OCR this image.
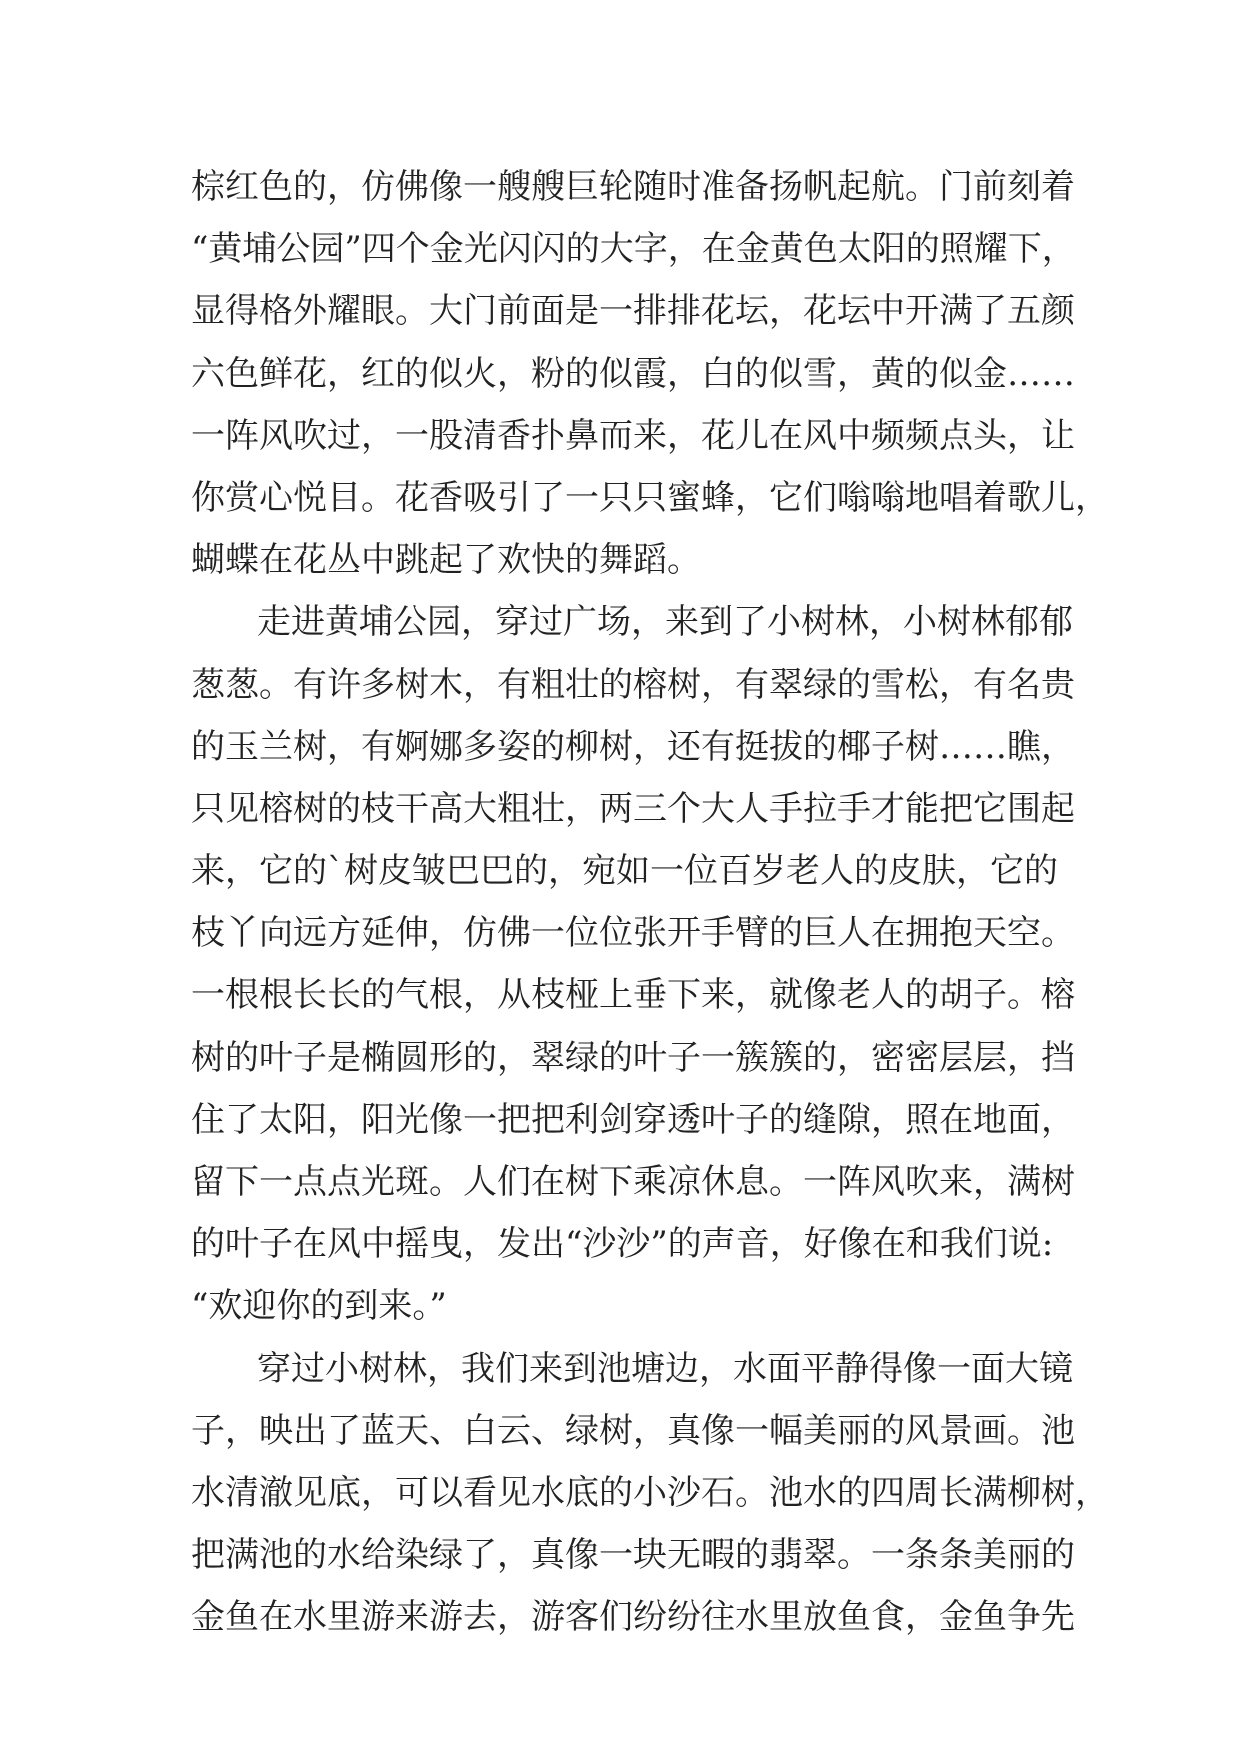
棕红色的，仿佛像一艘艘巨轮随时准备扬帆起航。门前刻着
“黄埔公园”四个金光闪闪的大字，在金黄色太阳的照耀下，
显得格外耀眼。大门前面是一排排花坛，花坛中开满了五颜
六色鲜花，红的似火，粉的似霞，白的似雪，黄的似金……
一阵风吹过，一股清香扑鼻而来，花儿在风中频频点头，让
你赏心悦目。花香吸引了一只只蜜蜂，它们嗡嗡地唱着歌儿，
蝴蝶在花丛中跳起了欢快的舞蹈。
走进黄埔公园，穿过广场，来到了小树林，小树林郁郁
葱葱。有许多树木，有粗壮的榕树，有翠绿的雪松，有名贵
的玉兰树，有婀娜多姿的柳树，还有挺拔的椰子树……瞧，
只见榕树的枝干高大粗壮，两三个大人手拉手才能把它围起
来，它的`树皮皱巴巴的，宛如一位百岁老人的皮肤，它的
枝丫向远方延伸，仿佛一位位张开手臂的巨人在拥抱天空。
一根根长长的气根，从枝桠上垂下来，就像老人的胡子。榕
树的叶子是椭圆形的，翠绿的叶子一簇簇的，密密层层，挡
住了太阳，阳光像一把把利剑穿透叶子的缝隙，照在地面，
留下一点点光斑。人们在树下乘凉休息。一阵风吹来，满树
的叶子在风中摇曳，发出“沙沙”的声音，好像在和我们说:
“欢迎你的到来。”
穿过小树林，我们来到池塘边，水面平静得像一面大镜
子，映出了蓝天、白云、绿树，真像一幅美丽的风景画。池
水清澈见底，可以看见水底的小沙石。池水的四周长满柳树，
把满池的水给染绿了，真像一块无暇的翡翠。一条条美丽的
金鱼在水里游来游去，游客们纷纷往水里放鱼食，金鱼争先
